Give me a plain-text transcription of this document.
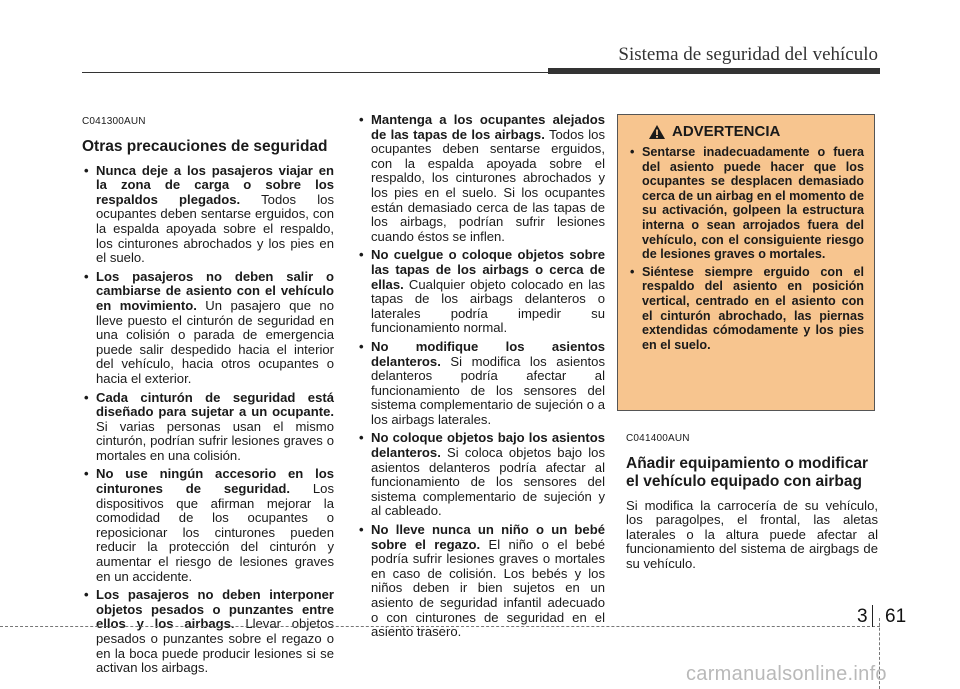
Sistema de seguridad del vehículo
C041300AUN
Otras precauciones de seguridad
• Nunca deje a los pasajeros viajar en la zona de carga o sobre los respaldos plegados. Todos los ocupantes deben sentarse erguidos, con la espalda apoyada sobre el respaldo, los cinturones abrochados y los pies en el suelo.
• Los pasajeros no deben salir o cambiarse de asiento con el vehículo en movimiento. Un pasajero que no lleve puesto el cinturón de seguridad en una colisión o parada de emergencia puede salir despedido hacia el interior del vehículo, hacia otros ocupantes o hacia el exterior.
• Cada cinturón de seguridad está diseñado para sujetar a un ocupante. Si varias personas usan el mismo cinturón, podrían sufrir lesiones graves o mortales en una colisión.
• No use ningún accesorio en los cinturones de seguridad. Los dispositivos que afirman mejorar la comodidad de los ocupantes o reposicionar los cinturones pueden reducir la protección del cinturón y aumentar el riesgo de lesiones graves en un accidente.
• Los pasajeros no deben interponer objetos pesados o punzantes entre ellos y los airbags. Llevar objetos pesados o punzantes sobre el regazo o en la boca puede producir lesiones si se activan los airbags.
• Mantenga a los ocupantes alejados de las tapas de los airbags. Todos los ocupantes deben sentarse erguidos, con la espalda apoyada sobre el respaldo, los cinturones abrochados y los pies en el suelo. Si los ocupantes están demasiado cerca de las tapas de los airbags, podrían sufrir lesiones cuando éstos se inflen.
• No cuelgue o coloque objetos sobre las tapas de los airbags o cerca de ellas. Cualquier objeto colocado en las tapas de los airbags delanteros o laterales podría impedir su funcionamiento normal.
• No modifique los asientos delanteros. Si modifica los asientos delanteros podría afectar al funcionamiento de los sensores del sistema complementario de sujeción o a los airbags laterales.
• No coloque objetos bajo los asientos delanteros. Si coloca objetos bajo los asientos delanteros podría afectar al funcionamiento de los sensores del sistema complementario de sujeción y al cableado.
• No lleve nunca un niño o un bebé sobre el regazo. El niño o el bebé podría sufrir lesiones graves o mortales en caso de colisión. Los bebés y los niños deben ir bien sujetos en un asiento de seguridad infantil adecuado o con cinturones de seguridad en el asiento trasero.
ADVERTENCIA
• Sentarse inadecuadamente o fuera del asiento puede hacer que los ocupantes se desplacen demasiado cerca de un airbag en el momento de su activación, golpeen la estructura interna o sean arrojados fuera del vehículo, con el consiguiente riesgo de lesiones graves o mortales.
• Siéntese siempre erguido con el respaldo del asiento en posición vertical, centrado en el asiento con el cinturón abrochado, las piernas extendidas cómodamente y los pies en el suelo.
C041400AUN
Añadir equipamiento o modificar el vehículo equipado con airbag

Si modifica la carrocería de su vehículo, los paragolpes, el frontal, las aletas laterales o la altura puede afectar al funcionamiento del sistema de airgbags de su vehículo.

3 61
carmanualsonline.info
